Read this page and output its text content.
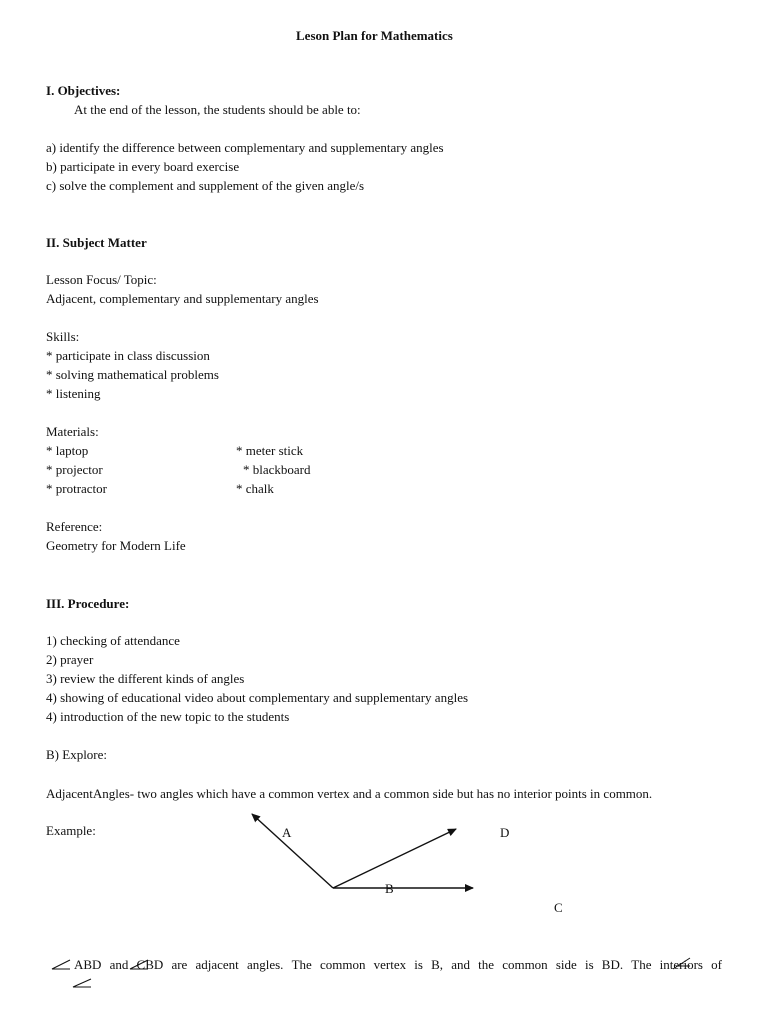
Leson Plan for Mathematics
I. Objectives:
At the end of the lesson, the students should be able to:
a) identify the difference between complementary and supplementary angles
b) participate in every board exercise
c) solve the complement and supplement of the given angle/s
II. Subject Matter
Lesson Focus/ Topic:
Adjacent, complementary and supplementary angles
Skills:
* participate in class discussion
* solving mathematical problems
* listening
Materials:
* laptop
* projector
* protractor
* meter stick
* blackboard
* chalk
Reference:
Geometry for Modern Life
III. Procedure:
1) checking of attendance
2) prayer
3) review the different kinds of angles
4) showing of educational video about complementary and supplementary angles
4) introduction of the new topic to the students
B) Explore:
AdjacentAngles- two angles which have a common vertex and a common side but has no interior points in common.
Example:	A	D
B
C
ABD and CBD are adjacent angles. The common vertex is B, and the common side is BD. The interiors of
